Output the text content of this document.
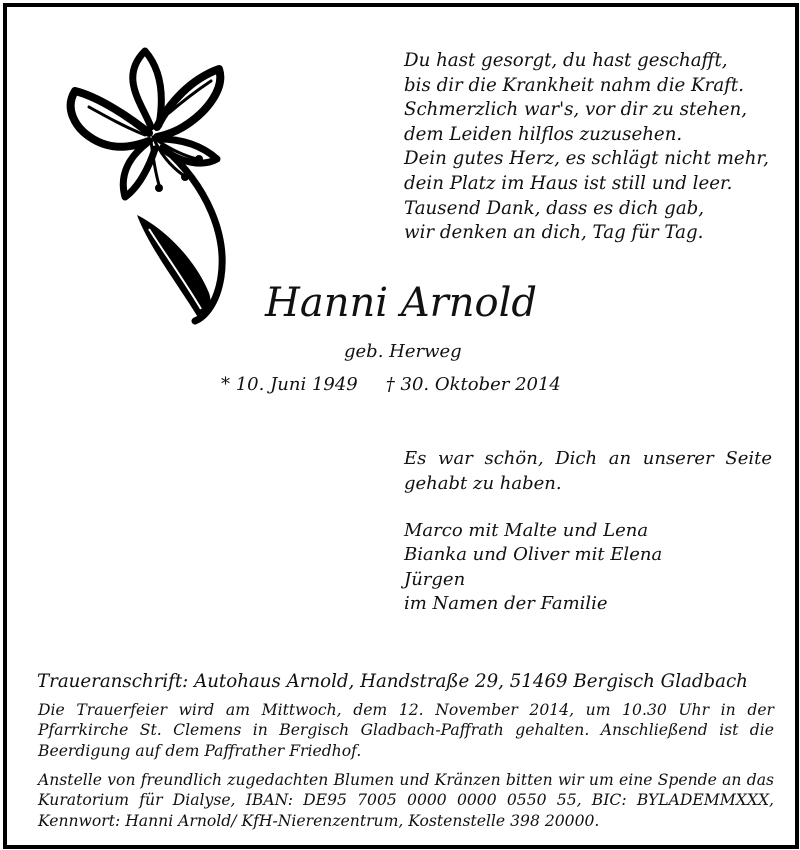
Du hast gesorgt, du hast geschafft,
bis dir die Krankheit nahm die Kraft.
Schmerzlich war's, vor dir zu stehen,
dem Leiden hilflos zuzusehen.
Dein gutes Herz, es schlägt nicht mehr,
dein Platz im Haus ist still und leer.
Tausend Dank, dass es dich gab,
wir denken an dich, Tag für Tag.
Hanni Arnold
geb. Herweg
* 10. Juni 1949 † 30. Oktober 2014
Es war schön, Dich an unserer Seite gehabt zu haben.
Marco mit Malte und Lena
Bianka und Oliver mit Elena
Jürgen
im Namen der Familie
Traueranschrift: Autohaus Arnold, Handstraße 29, 51469 Bergisch Gladbach
Die Trauerfeier wird am Mittwoch, dem 12. November 2014, um 10.30 Uhr in der Pfarrkirche St. Clemens in Bergisch Gladbach-Paffrath gehalten. Anschließend ist die Beerdigung auf dem Paffrather Friedhof.
Anstelle von freundlich zugedachten Blumen und Kränzen bitten wir um eine Spende an das Kuratorium für Dialyse, IBAN: DE95 7005 0000 0000 0550 55, BIC: BYLADEMMXXX, Kennwort: Hanni Arnold/ KfH-Nierenzentrum, Kostenstelle 398 20000.
